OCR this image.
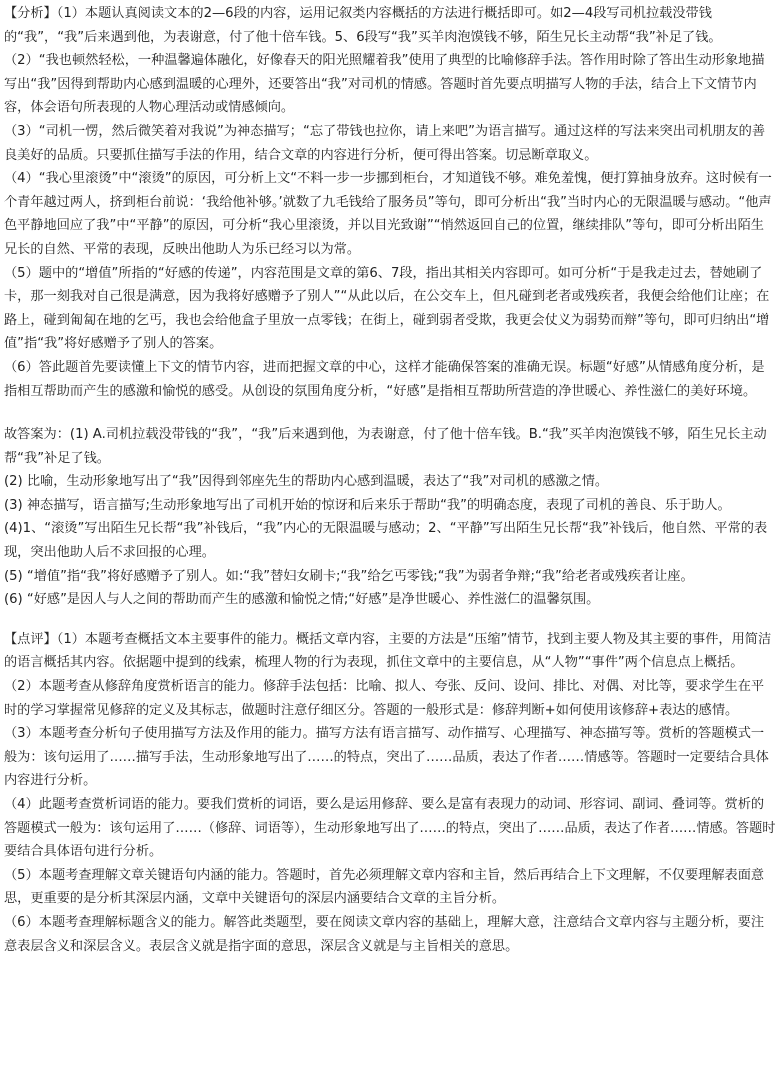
【分析】（1）本题认真阅读文本的2—6段的内容，运用记叙类内容概括的方法进行概括即可。如2—4段写司机拉载没带钱的“我”，“我”后来遇到他，为表谢意，付了他十倍车钱。5、6段写“我”买羊肉泡馍钱不够，陌生兄长主动帮“我”补足了钱。

（2）“我也顿然轻松，一种温馨遍体融化，好像春天的阳光照耀着我”使用了典型的比喻修辞手法。答作用时除了答出生动形象地描写出“我”因得到帮助内心感到温暖的心理外，还要答出“我”对司机的情感。答题时首先要点明描写人物的手法，结合上下文情节内容，体会语句所表现的人物心理活动或情感倾向。

（3）“司机一愣，然后微笑着对我说”为神态描写；“忘了带钱也拉你，请上来吧”为语言描写。通过这样的写法来突出司机朋友的善良美好的品质。只要抓住描写手法的作用，结合文章的内容进行分析，便可得出答案。切忌断章取义。

（4）“我心里滚烫”中“滚烫”的原因，可分析上文“不料一步一步挪到柜台，才知道钱不够。难免羞愧，便打算抽身放弃。这时候有一个青年越过两人，挤到柜台前说：‘我给他补够。’就数了九毛钱给了服务员”等句，即可分析出“我”当时内心的无限温暖与感动。“他声色平静地回应了我”中“平静”的原因，可分析“我心里滚烫，并以目光致谢”“悄然返回自己的位置，继续排队”等句，即可分析出陌生兄长的自然、平常的表现，反映出他助人为乐已经习以为常。

（5）题中的“增值”所指的“好感的传递”，内容范围是文章的第6、7段，指出其相关内容即可。如可分析“于是我走过去，替她刷了卡，那一刻我对自己很是满意，因为我将好感赠予了别人”“从此以后，在公交车上，但凡碰到老者或残疾者，我便会给他们让座；在路上，碰到匍匐在地的乞丐，我也会给他盒子里放一点零钱；在街上，碰到弱者受欺，我更会仗义为弱势而辩”等句，即可归纳出“增值”指“我”将好感赠予了别人的答案。

（6）答此题首先要读懂上下文的情节内容，进而把握文章的中心，这样才能确保答案的准确无误。标题“好感”从情感角度分析，是指相互帮助而产生的感激和愉悦的感受。从创设的氛围角度分析，“好感”是指相互帮助所营造的净世暖心、养性滋仁的美好环境。

故答案为：(1) A.司机拉载没带钱的“我”，“我”后来遇到他，为表谢意，付了他十倍车钱。B.“我”买羊肉泡馍钱不够，陌生兄长主动帮“我”补足了钱。

(2) 比喻，生动形象地写出了“我”因得到邻座先生的帮助内心感到温暖，表达了“我”对司机的感激之情。

(3) 神态描写，语言描写;生动形象地写出了司机开始的惊讶和后来乐于帮助“我”的明确态度，表现了司机的善良、乐于助人。

(4)1、“滚烫”写出陌生兄长帮“我”补钱后，“我”内心的无限温暖与感动；2、“平静”写出陌生兄长帮“我”补钱后，他自然、平常的表现，突出他助人后不求回报的心理。

(5) “增值”指“我”将好感赠予了别人。如:“我”替妇女刷卡;“我”给乞丐零钱;“我”为弱者争辩;“我”给老者或残疾者让座。

(6) “好感”是因人与人之间的帮助而产生的感激和愉悦之情;“好感”是净世暖心、养性滋仁的温馨氛围。

【点评】（1）本题考查概括文本主要事件的能力。概括文章内容，主要的方法是“压缩”情节，找到主要人物及其主要的事件，用简洁的语言概括其内容。依据题中提到的线索，梳理人物的行为表现，抓住文章中的主要信息，从“人物”“事件”两个信息点上概括。

（2）本题考查从修辞角度赏析语言的能力。修辞手法包括：比喻、拟人、夸张、反问、设问、排比、对偶、对比等，要求学生在平时的学习掌握常见修辞的定义及其标志，做题时注意仔细区分。答题的一般形式是：修辞判断+如何使用该修辞+表达的感情。

（3）本题考查分析句子使用描写方法及作用的能力。描写方法有语言描写、动作描写、心理描写、神态描写等。赏析的答题模式一般为：该句运用了……描写手法，生动形象地写出了……的特点，突出了……品质，表达了作者……情感等。答题时一定要结合具体内容进行分析。

（4）此题考查赏析词语的能力。要我们赏析的词语，要么是运用修辞、要么是富有表现力的动词、形容词、副词、叠词等。赏析的答题模式一般为：该句运用了……（修辞、词语等），生动形象地写出了……的特点，突出了……品质，表达了作者……情感。答题时要结合具体语句进行分析。

（5）本题考查理解文章关键语句内涵的能力。答题时，首先必须理解文章内容和主旨，然后再结合上下文理解，不仅要理解表面意思，更重要的是分析其深层内涵，文章中关键语句的深层内涵要结合文章的主旨分析。

（6）本题考查理解标题含义的能力。解答此类题型，要在阅读文章内容的基础上，理解大意，注意结合文章内容与主题分析，要注意表层含义和深层含义。表层含义就是指字面的意思，深层含义就是与主旨相关的意思。
